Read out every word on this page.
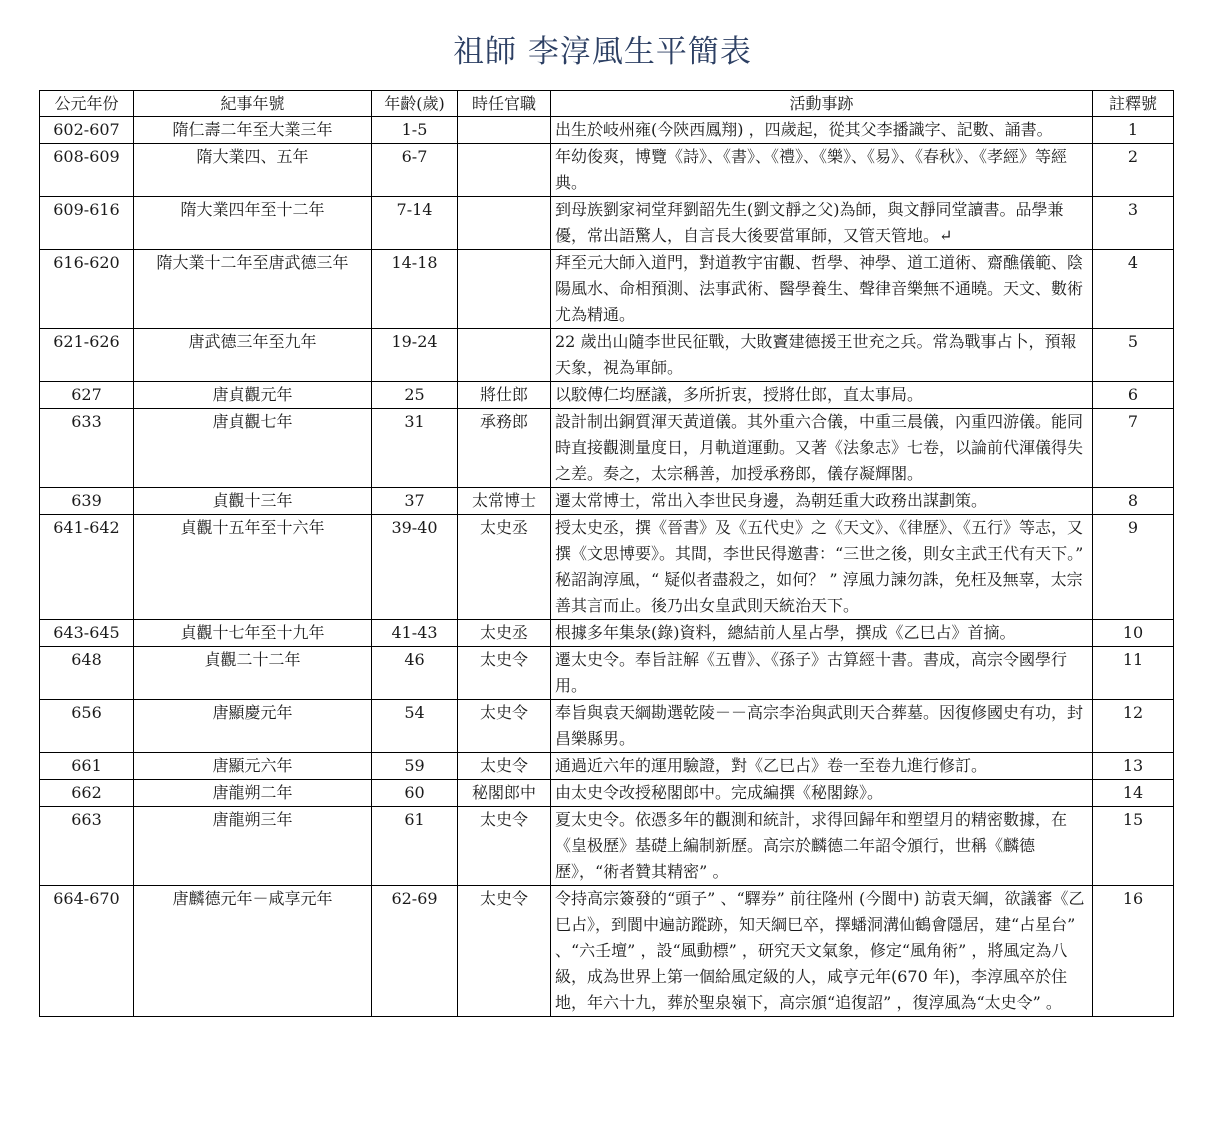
祖師 李淳風生平簡表
公元年份	紀事年號	年齡(歲)	時任官職	活動事跡	註釋號
602-607	隋仁壽二年至大業三年	1-5		出生於岐州雍(今陝西鳳翔) ，四歲起，從其父李播識字、記數、誦書。	1
608-609	隋大業四、五年	6-7		年幼俊爽，博覽《詩》、《書》、《禮》、《樂》、《易》、《春秋》、《孝經》等經典。	2
609-616	隋大業四年至十二年	7-14		到母族劉家祠堂拜劉韶先生(劉文靜之父)為師，與文靜同堂讀書。品學兼優，常出語驚人，自言長大後要當軍師，又管天管地。↵	3
616-620	隋大業十二年至唐武德三年	14-18		拜至元大師入道門，對道教宇宙觀、哲學、神學、道工道術、齋醮儀範、陰陽風水、命相預測、法事武術、醫學養生、聲律音樂無不通曉。天文、數術尤為精通。	4
621-626	唐武德三年至九年	19-24		22 歲出山隨李世民征戰，大敗竇建德援王世充之兵。常為戰事占卜，預報天象，視為軍師。	5
627	唐貞觀元年	25	將仕郎	以駮傅仁均歷議，多所折衷，授將仕郎，直太事局。	6
633	唐貞觀七年	31	承務郎	設計制出銅質渾天黃道儀。其外重六合儀，中重三晨儀，內重四游儀。能同時直接觀測量度日，月軌道運動。又著《法象志》七卷，以論前代渾儀得失之差。奏之，太宗稱善，加授承務郎，儀存凝輝閣。	7
639	貞觀十三年	37	太常博士	遷太常博士，常出入李世民身邊，為朝廷重大政務出謀劃策。	8
641-642	貞觀十五年至十六年	39-40	太史丞	授太史丞，撰《晉書》及《五代史》之《天文》、《律歷》、《五行》等志，又撰《文思博要》。其間，李世民得邀書：“三世之後，則女主武王代有天下。” 秘詔詢淳風，“ 疑似者盡殺之，如何？ ” 淳風力諫勿誅，免枉及無辜，太宗善其言而止。後乃出女皇武則天統治天下。	9
643-645	貞觀十七年至十九年	41-43	太史丞	根據多年集彔(錄)資料，總結前人星占學，撰成《乙巳占》首摘。	10
648	貞觀二十二年	46	太史令	遷太史令。奉旨註解《五曹》、《孫子》古算經十書。書成，高宗令國學行用。	11
656	唐顯慶元年	54	太史令	奉旨與袁天綱勘選乾陵－－高宗李治與武則天合葬墓。因復修國史有功，封昌樂縣男。	12
661	唐顯元六年	59	太史令	通過近六年的運用驗證，對《乙巳占》卷一至卷九進行修訂。	13
662	唐龍朔二年	60	秘閣郎中	由太史令改授秘閣郎中。完成編撰《秘閣錄》。	14
663	唐龍朔三年	61	太史令	夏太史令。依憑多年的觀測和統計，求得回歸年和塑望月的精密數據，在《皇极歷》基礎上編制新歷。高宗於麟德二年詔令頒行，世稱《麟德歷》，“術者贊其精密” 。	15
664-670	唐麟德元年－咸享元年	62-69	太史令	令持高宗簽發的“頭子” 、“驛券” 前往隆州 (今閬中) 訪袁天綱，欲議審《乙巳占》，到閬中遍訪蹤跡，知天綱巳卒，擇蟠洞溝仙鶴會隱居，建“占星台” 、“六壬壇” ，設“風動標” ，研究天文氣象，修定“風角術” ，將風定為八級，成為世界上第一個給風定級的人，咸亨元年(670 年)，李淳風卒於住地，年六十九，葬於聖泉嶺下，高宗頒“追復詔” ，復淳風為“太史令” 。	16
